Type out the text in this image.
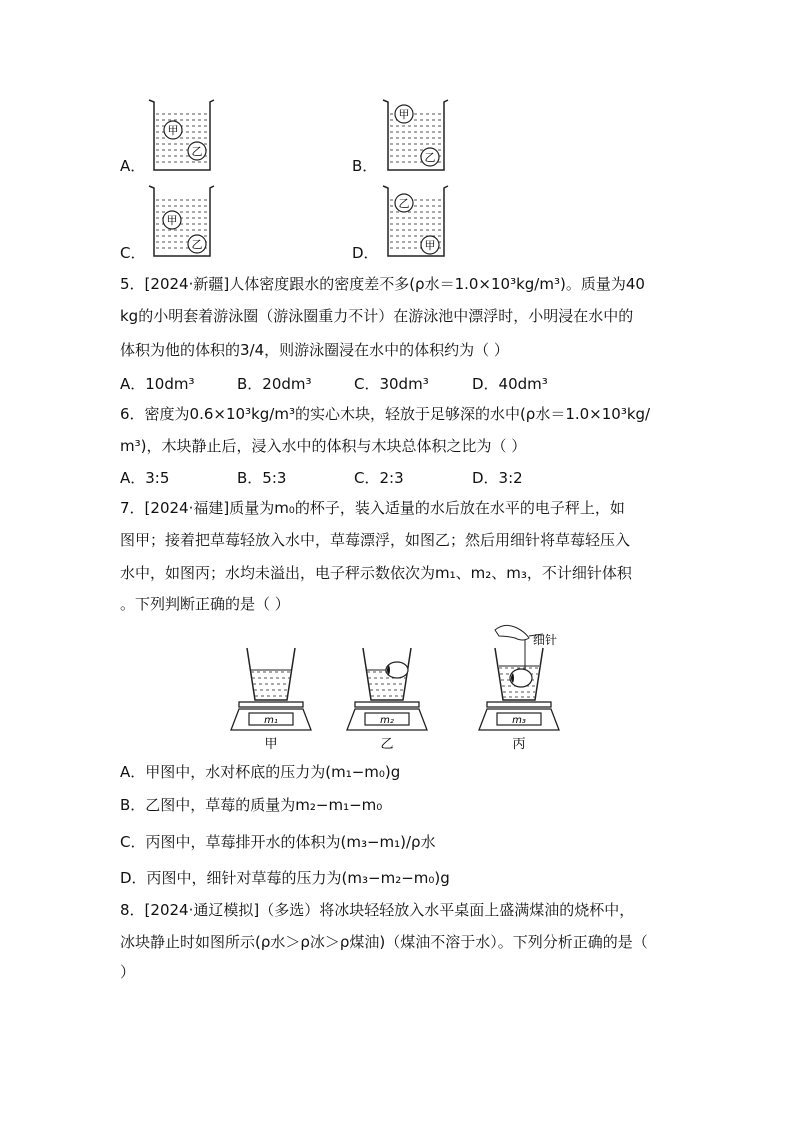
A．	B．
C．	D．
甲
乙
甲
乙
甲
乙
乙
甲
5．[2024·新疆]人体密度跟水的密度差不多(ρ水＝1.0×10³kg/m³)。质量为40
kg的小明套着游泳圈（游泳圈重力不计）在游泳池中漂浮时，小明浸在水中的
体积为他的体积的3/4，则游泳圈浸在水中的体积约为（ ）
A．10dm³	B．20dm³	C．30dm³	D．40dm³
6．密度为0.6×10³kg/m³的实心木块，轻放于足够深的水中(ρ水＝1.0×10³kg/
m³)，木块静止后，浸入水中的体积与木块总体积之比为（ ）
A．3:5	B．5:3	C．2:3	D．3:2
7．[2024·福建]质量为m₀的杯子，装入适量的水后放在水平的电子秤上，如
图甲；接着把草莓轻放入水中，草莓漂浮，如图乙；然后用细针将草莓轻压入
水中，如图丙；水均未溢出，电子秤示数依次为m₁、m₂、m₃，不计细针体积
。下列判断正确的是（ ）
m₁
甲
m₂
乙
细针
m₃
丙
A．甲图中，水对杯底的压力为(m₁−m₀)g
B．乙图中，草莓的质量为m₂−m₁−m₀
C．丙图中，草莓排开水的体积为(m₃−m₁)/ρ水
D．丙图中，细针对草莓的压力为(m₃−m₂−m₀)g
8．[2024·通辽模拟]（多选）将冰块轻轻放入水平桌面上盛满煤油的烧杯中，
冰块静止时如图所示(ρ水＞ρ冰＞ρ煤油)（煤油不溶于水）。下列分析正确的是（
）
